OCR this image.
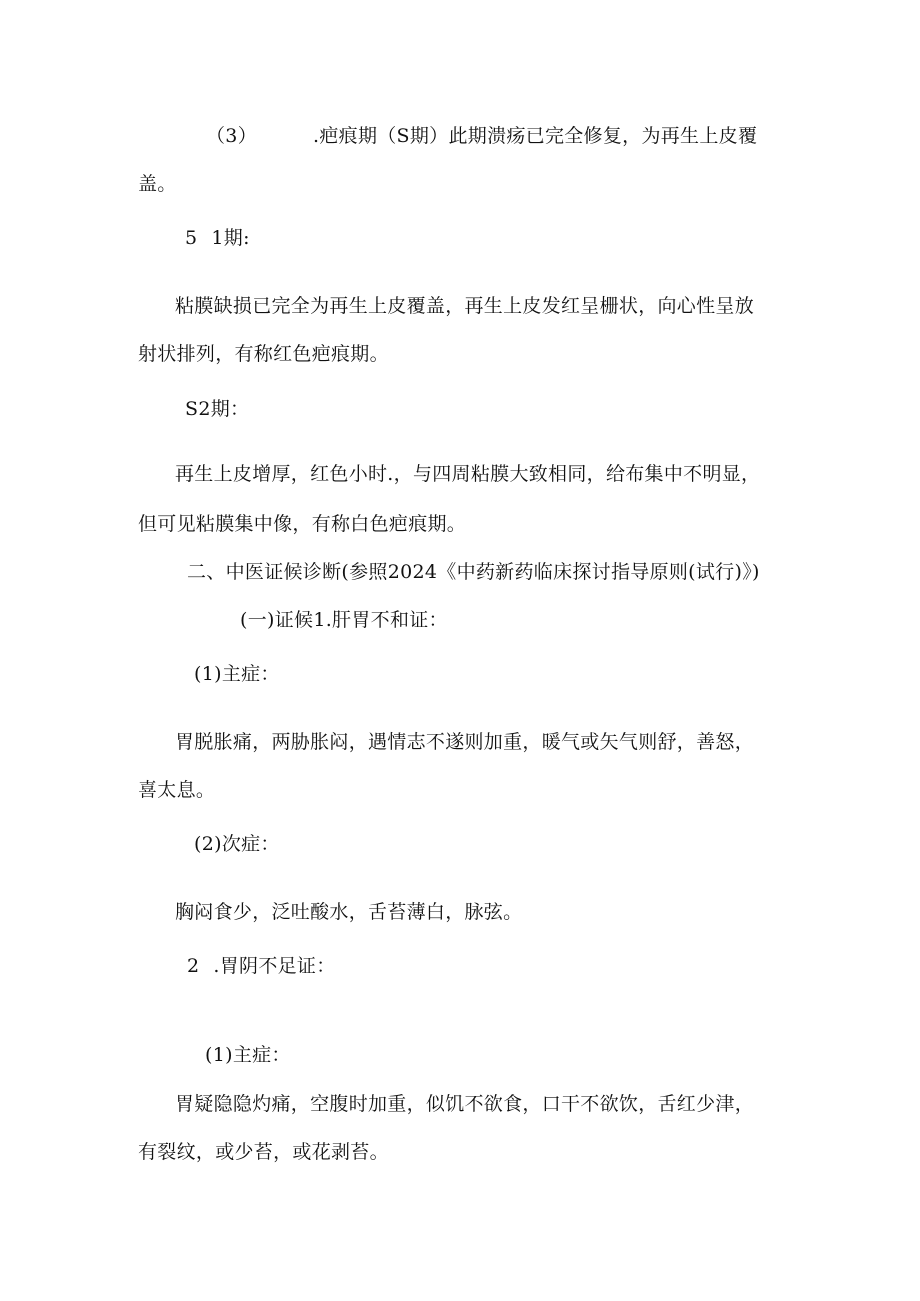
（3）	.疤痕期（S期）此期溃疡已完全修复，为再生上皮覆
盖。
5 1期:
粘膜缺损已完全为再生上皮覆盖，再生上皮发红呈栅状，向心性呈放
射状排列，有称红色疤痕期。
S2期：
再生上皮增厚，红色小时.，与四周粘膜大致相同，给布集中不明显，
但可见粘膜集中像，有称白色疤痕期。
二、中医证候诊断(参照2024《中药新药临床探讨指导原则(试行)》)
(一)证候1.肝胃不和证：
(1)主症：
胃脱胀痛，两胁胀闷，遇情志不遂则加重，暖气或矢气则舒，善怒，
喜太息。
(2)次症：
胸闷食少，泛吐酸水，舌苔薄白，脉弦。
2 .胃阴不足证：
(1)主症：
胃疑隐隐灼痛，空腹时加重，似饥不欲食，口干不欲饮，舌红少津，
有裂纹，或少苔，或花剥苔。
